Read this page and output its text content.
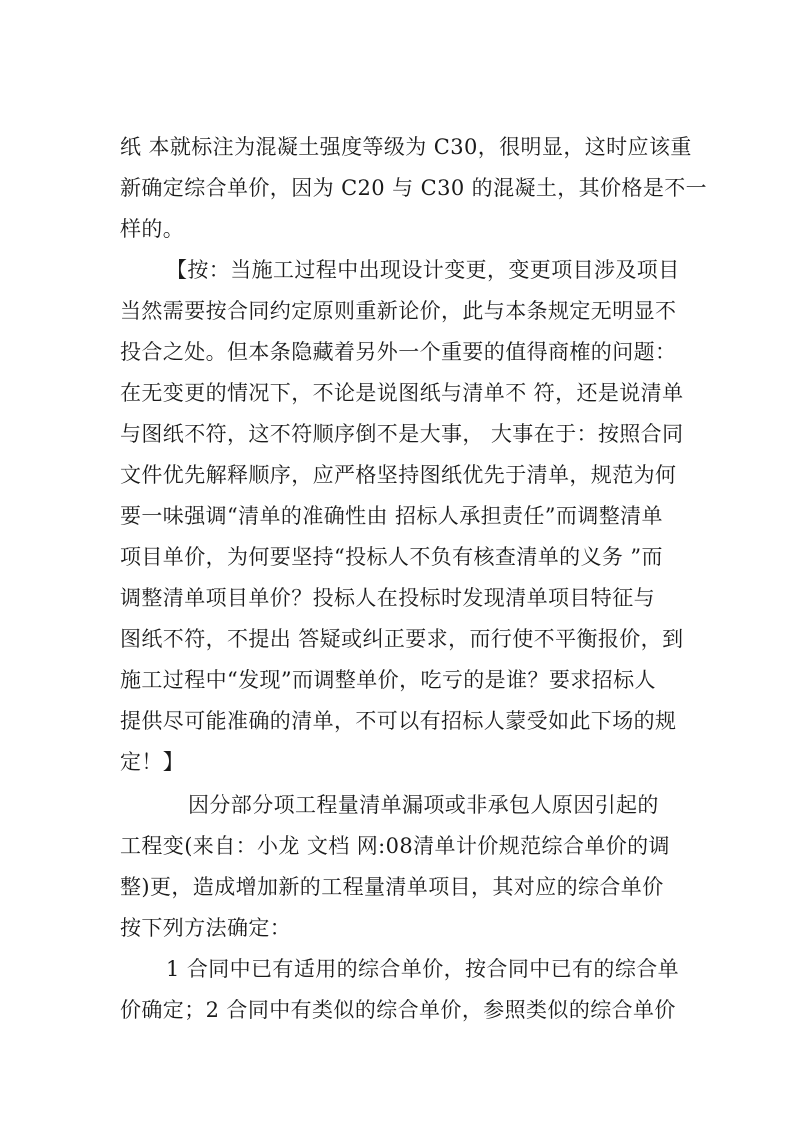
纸 本就标注为混凝土强度等级为 C30，很明显，这时应该重
新确定综合单价，因为 C20 与 C30 的混凝土，其价格是不一
样的。
【按：当施工过程中出现设计变更，变更项目涉及项目
当然需要按合同约定原则重新论价，此与本条规定无明显不
投合之处。但本条隐藏着另外一个重要的值得商榷的问题：
在无变更的情况下，不论是说图纸与清单不 符，还是说清单
与图纸不符，这不符顺序倒不是大事， 大事在于：按照合同
文件优先解释顺序，应严格坚持图纸优先于清单，规范为何
要一味强调“清单的准确性由 招标人承担责任”而调整清单
项目单价，为何要坚持“投标人不负有核查清单的义务 ”而
调整清单项目单价？投标人在投标时发现清单项目特征与
图纸不符，不提出 答疑或纠正要求，而行使不平衡报价，到
施工过程中“发现”而调整单价，吃亏的是谁？要求招标人
提供尽可能准确的清单，不可以有招标人蒙受如此下场的规
定！】
因分部分项工程量清单漏项或非承包人原因引起的
工程变(来自：小龙 文档 网:08清单计价规范综合单价的调
整)更，造成增加新的工程量清单项目，其对应的综合单价
按下列方法确定：
1 合同中已有适用的综合单价，按合同中已有的综合单
价确定；2 合同中有类似的综合单价，参照类似的综合单价
